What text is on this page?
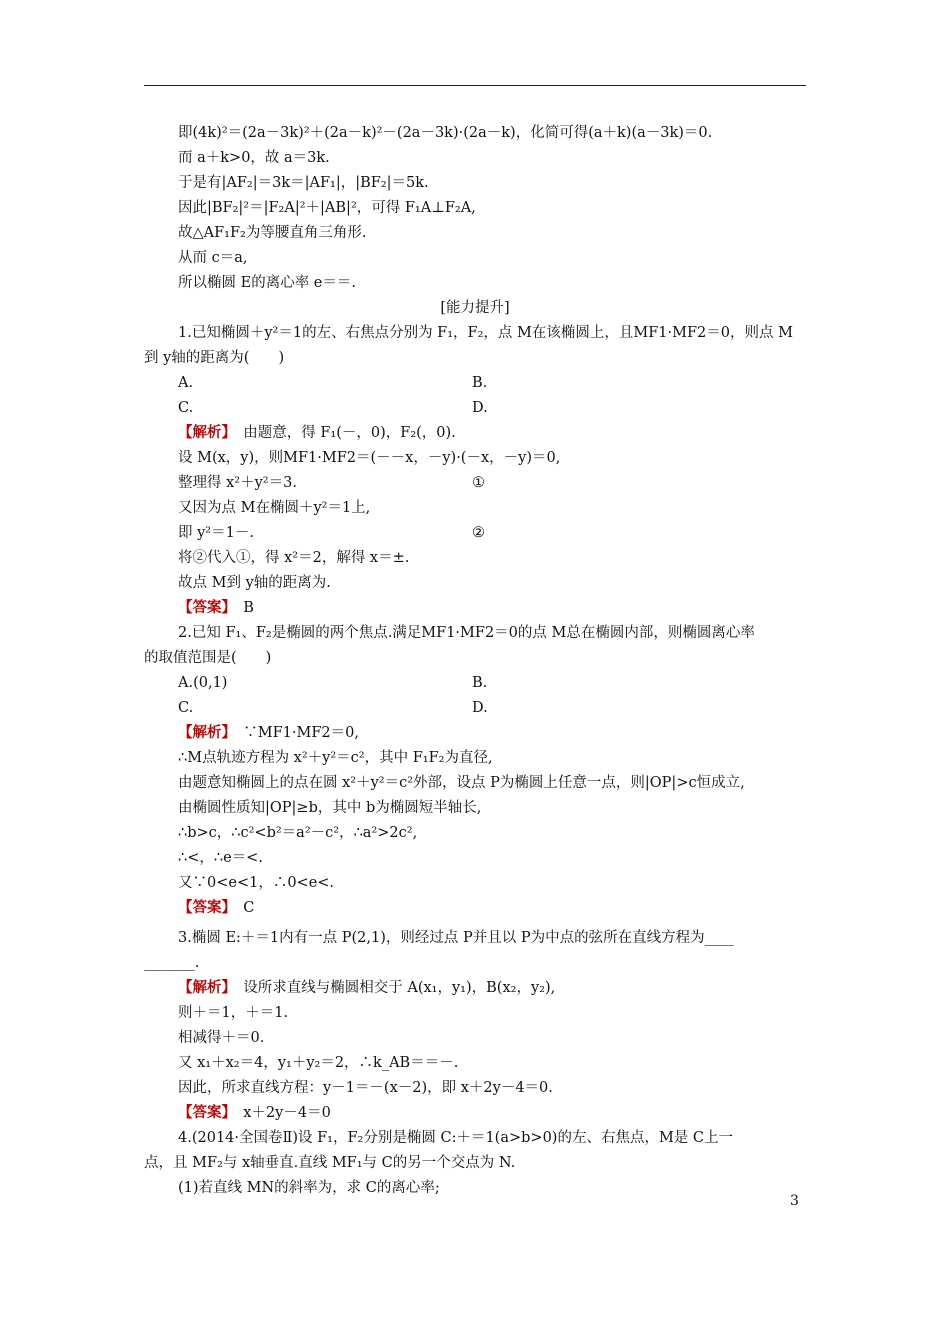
即(4k)²＝(2a－3k)²＋(2a－k)²－(2a－3k)·(2a－k)，化简可得(a＋k)(a－3k)＝0.
而 a＋k>0，故 a＝3k.
于是有|AF₂|＝3k＝|AF₁|，|BF₂|＝5k.
因此|BF₂|²＝|F₂A|²＋|AB|²，可得 F₁A⊥F₂A,
故△AF₁F₂为等腰直角三角形.
从而 c＝a,
所以椭圆 E的离心率 e＝＝.
1.已知椭圆＋y²＝1的左、右焦点分别为 F₁，F₂，点 M在该椭圆上，且MF1·MF2＝0，则点 M
到 y轴的距离为(　　)
设 M(x，y)，则MF1·MF2＝(－－x，－y)·(－x，－y)＝0,
整理得 x²＋y²＝3.
又因为点 M在椭圆＋y²＝1上,
即 y²＝1－.
将②代入①，得 x²＝2，解得 x＝±.
故点 M到 y轴的距离为.
2.已知 F₁、F₂是椭圆的两个焦点.满足MF1·MF2＝0的点 M总在椭圆内部，则椭圆离心率
的取值范围是(　　)
∴M点轨迹方程为 x²＋y²＝c²，其中 F₁F₂为直径,
由题意知椭圆上的点在圆 x²＋y²＝c²外部，设点 P为椭圆上任意一点，则|OP|>c恒成立,
由椭圆性质知|OP|≥b，其中 b为椭圆短半轴长,
∴b>c，∴c²<b²＝a²－c²，∴a²>2c²,
∴<，∴e＝<.
又∵0<e<1，∴0<e<.
3.椭圆 E:＋＝1内有一点 P(2,1)，则经过点 P并且以 P为中点的弦所在直线方程为____
_______.
则＋＝1，＋＝1.
相减得＋＝0.
又 x₁＋x₂＝4，y₁＋y₂＝2，∴k_AB＝＝－.
因此，所求直线方程：y－1＝－(x－2)，即 x＋2y－4＝0.
4.(2014·全国卷Ⅱ)设 F₁，F₂分别是椭圆 C:＋＝1(a>b>0)的左、右焦点，M是 C上一
点，且 MF₂与 x轴垂直.直线 MF₁与 C的另一个交点为 N.
(1)若直线 MN的斜率为，求 C的离心率;
[能力提升]
【解析】　由题意，得 F₁(－，0)，F₂(，0).
【答案】　B
【解析】　∵MF1·MF2＝0,
【答案】　C
【解析】　设所求直线与椭圆相交于 A(x₁，y₁)，B(x₂，y₂),
【答案】　x＋2y－4＝0
A.	B.
C.	D.
A.(0,1)	B.
C.	D.
①
②
3
